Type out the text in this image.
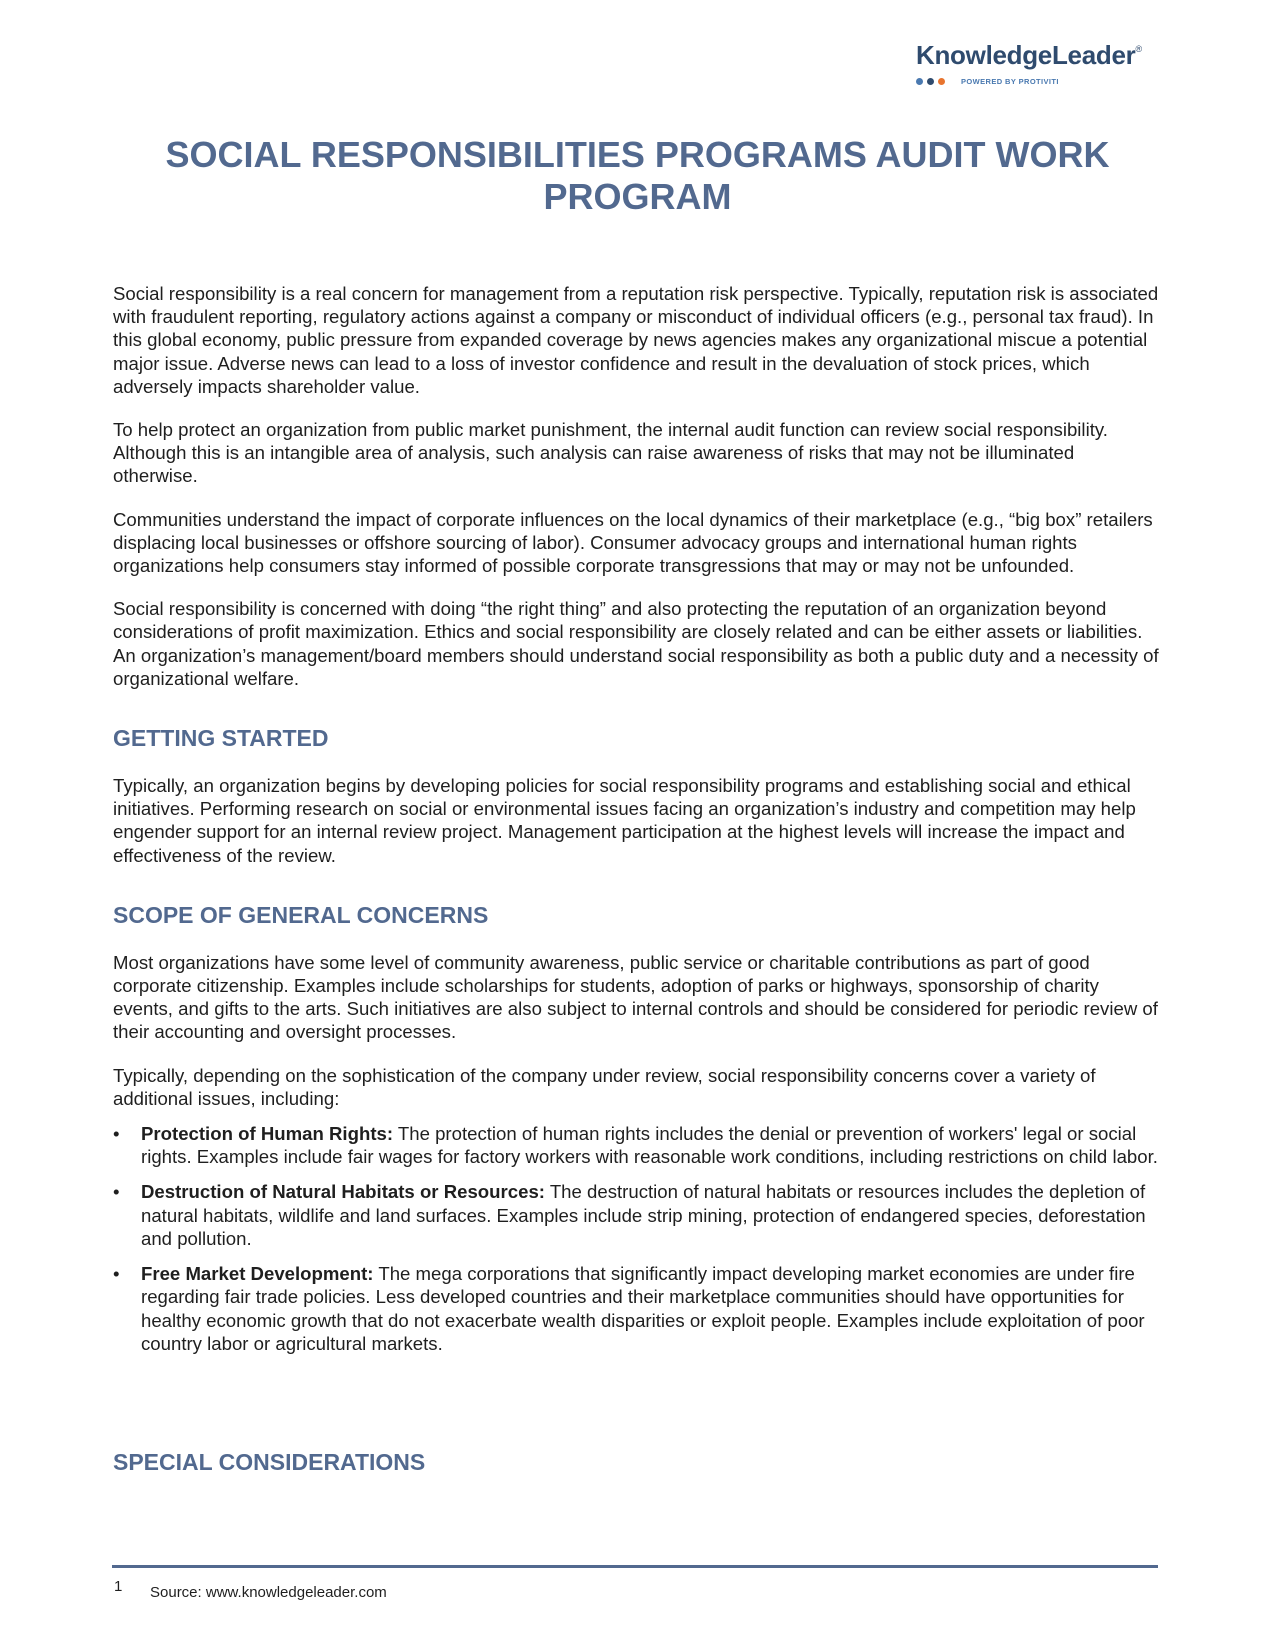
KnowledgeLeader®
POWERED BY PROTIVITI
SOCIAL RESPONSIBILITIES PROGRAMS AUDIT WORK PROGRAM

Social responsibility is a real concern for management from a reputation risk perspective. Typically, reputation risk is associated with fraudulent reporting, regulatory actions against a company or misconduct of individual officers (e.g., personal tax fraud). In this global economy, public pressure from expanded coverage by news agencies makes any organizational miscue a potential major issue. Adverse news can lead to a loss of investor confidence and result in the devaluation of stock prices, which adversely impacts shareholder value.

To help protect an organization from public market punishment, the internal audit function can review social responsibility. Although this is an intangible area of analysis, such analysis can raise awareness of risks that may not be illuminated otherwise.

Communities understand the impact of corporate influences on the local dynamics of their marketplace (e.g., “big box” retailers displacing local businesses or offshore sourcing of labor). Consumer advocacy groups and international human rights organizations help consumers stay informed of possible corporate transgressions that may or may not be unfounded.

Social responsibility is concerned with doing “the right thing” and also protecting the reputation of an organization beyond considerations of profit maximization. Ethics and social responsibility are closely related and can be either assets or liabilities. An organization’s management/board members should understand social responsibility as both a public duty and a necessity of organizational welfare.

GETTING STARTED

Typically, an organization begins by developing policies for social responsibility programs and establishing social and ethical initiatives. Performing research on social or environmental issues facing an organization’s industry and competition may help engender support for an internal review project. Management participation at the highest levels will increase the impact and effectiveness of the review.

SCOPE OF GENERAL CONCERNS

Most organizations have some level of community awareness, public service or charitable contributions as part of good corporate citizenship. Examples include scholarships for students, adoption of parks or highways, sponsorship of charity events, and gifts to the arts. Such initiatives are also subject to internal controls and should be considered for periodic review of their accounting and oversight processes.

Typically, depending on the sophistication of the company under review, social responsibility concerns cover a variety of additional issues, including:

• Protection of Human Rights: The protection of human rights includes the denial or prevention of workers' legal or social rights. Examples include fair wages for factory workers with reasonable work conditions, including restrictions on child labor.
• Destruction of Natural Habitats or Resources: The destruction of natural habitats or resources includes the depletion of natural habitats, wildlife and land surfaces. Examples include strip mining, protection of endangered species, deforestation and pollution.
• Free Market Development: The mega corporations that significantly impact developing market economies are under fire regarding fair trade policies. Less developed countries and their marketplace communities should have opportunities for healthy economic growth that do not exacerbate wealth disparities or exploit people. Examples include exploitation of poor country labor or agricultural markets.
SPECIAL CONSIDERATIONS
1 Source: www.knowledgeleader.com
